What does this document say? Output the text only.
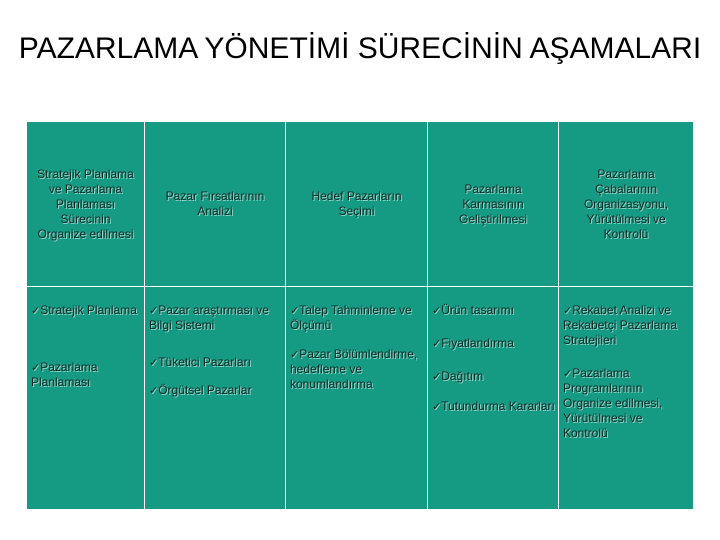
PAZARLAMA YÖNETİMİ SÜRECİNİN AŞAMALARI
Stratejik Planlama ve Pazarlama Planlaması Sürecinin Organize edilmesi
Pazar Fırsatlarının Analizi
Hedef Pazarların Seçimi
Pazarlama Karmasının Geliştirilmesi
Pazarlama Çabalarının Organizasyonu, Yürütülmesi ve Kontrolü
✓Stratejik Planlama
✓Pazarlama Planlaması
✓Pazar araştırması ve Bilgi Sistemi
✓Tüketici Pazarları
✓Örgütsel Pazarlar
✓Talep Tahminleme ve Ölçümü
✓Pazar Bölümlendirme, hedefleme ve konumlandırma
✓Ürün tasarımı
✓Fiyatlandırma
✓Dağıtım
✓Tutundurma Kararları
✓Rekabet Analizi ve Rekabetçi Pazarlama Stratejileri
✓Pazarlama Programlarının Organize edilmesi, Yürütülmesi ve Kontrolü
